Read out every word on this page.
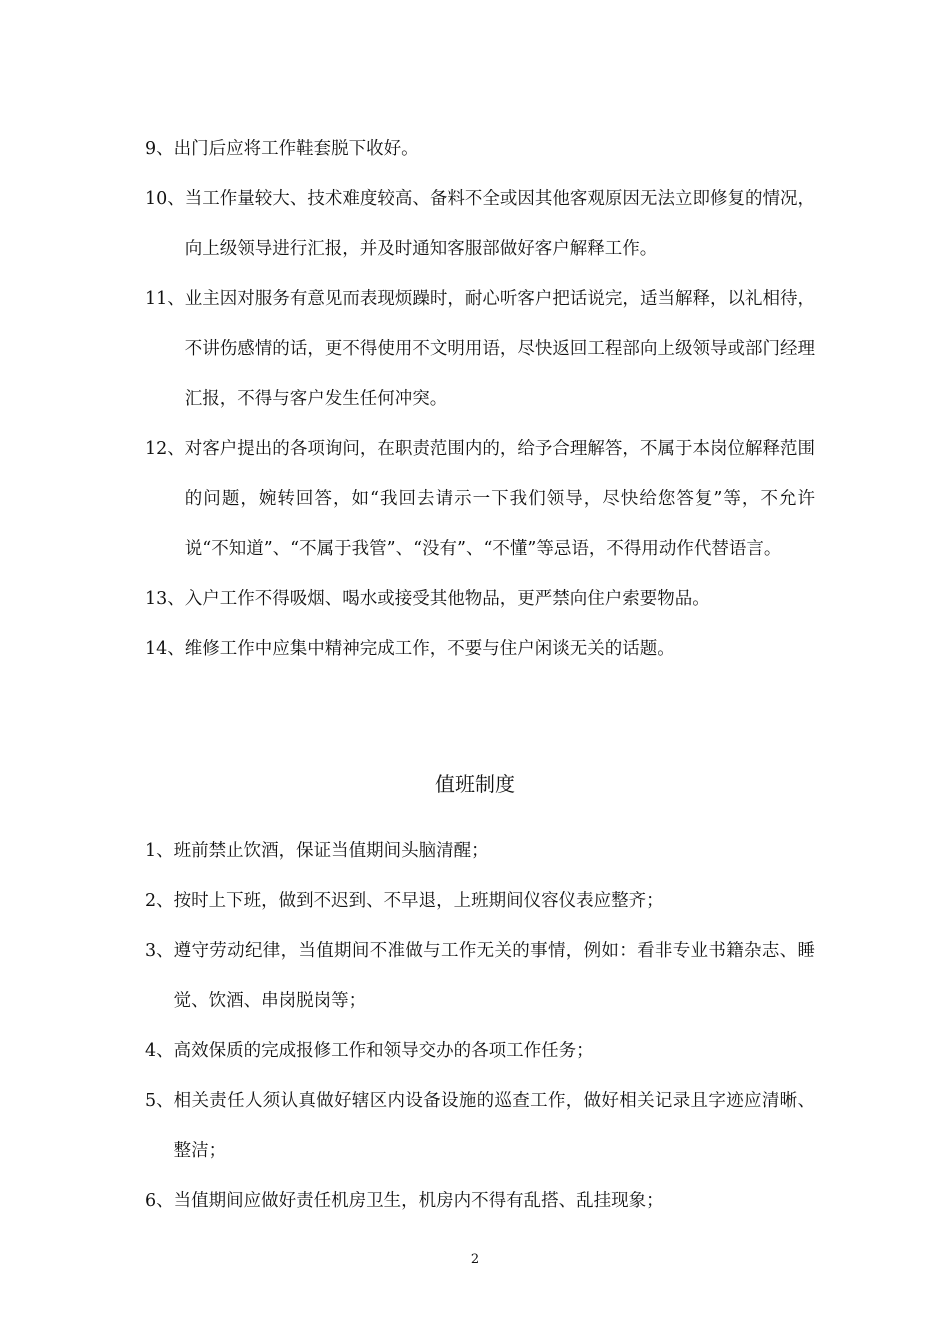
9、 出门后应将工作鞋套脱下收好。
10、 当工作量较大、技术难度较高、备料不全或因其他客观原因无法立即修复的情况，向上级领导进行汇报，并及时通知客服部做好客户解释工作。
11、 业主因对服务有意见而表现烦躁时，耐心听客户把话说完，适当解释，以礼相待，不讲伤感情的话，更不得使用不文明用语，尽快返回工程部向上级领导或部门经理汇报，不得与客户发生任何冲突。
12、 对客户提出的各项询问，在职责范围内的，给予合理解答，不属于本岗位解释范围的问题，婉转回答，如“我回去请示一下我们领导，尽快给您答复”等，不允许说“不知道”、“不属于我管”、“没有”、“不懂”等忌语，不得用动作代替语言。
13、 入户工作不得吸烟、喝水或接受其他物品，更严禁向住户索要物品。
14、 维修工作中应集中精神完成工作，不要与住户闲谈无关的话题。
值班制度
1、 班前禁止饮酒，保证当值期间头脑清醒；
2、 按时上下班，做到不迟到、不早退，上班期间仪容仪表应整齐；
3、 遵守劳动纪律，当值期间不准做与工作无关的事情，例如：看非专业书籍杂志、睡觉、饮酒、串岗脱岗等；
4、 高效保质的完成报修工作和领导交办的各项工作任务；
5、 相关责任人须认真做好辖区内设备设施的巡查工作，做好相关记录且字迹应清晰、整洁；
6、 当值期间应做好责任机房卫生，机房内不得有乱搭、乱挂现象；
2
